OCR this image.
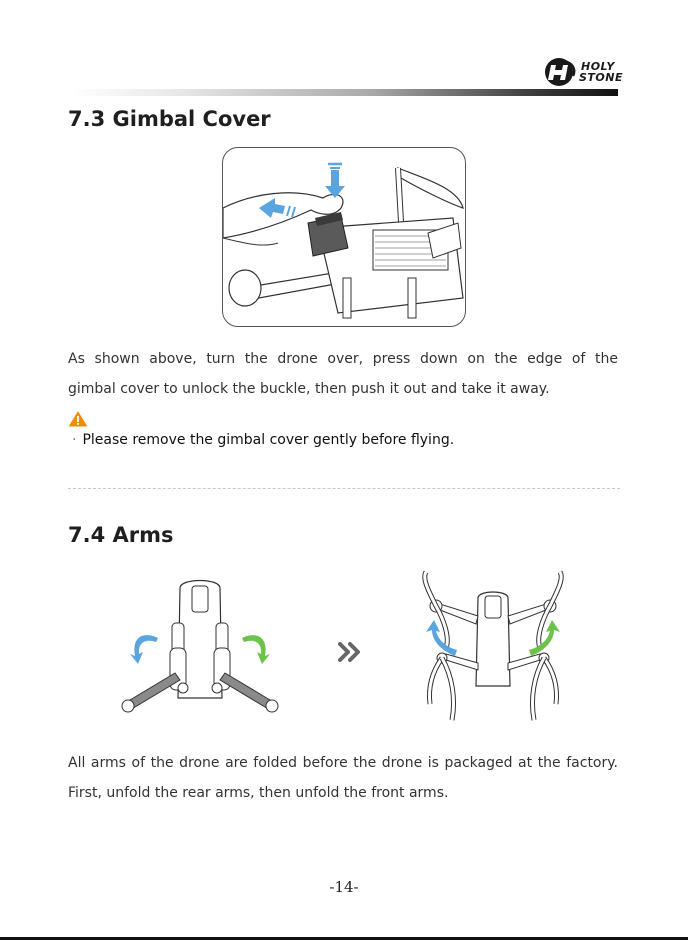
HOLY
STONE
7.3 Gimbal Cover

As shown above, turn the drone over, press down on the edge of the
gimbal cover to unlock the buckle, then push it out and take it away.

· Please remove the gimbal cover gently before flying.
7.4 Arms

All arms of the drone are folded before the drone is packaged at the factory.
First, unfold the rear arms, then unfold the front arms.

-14-
